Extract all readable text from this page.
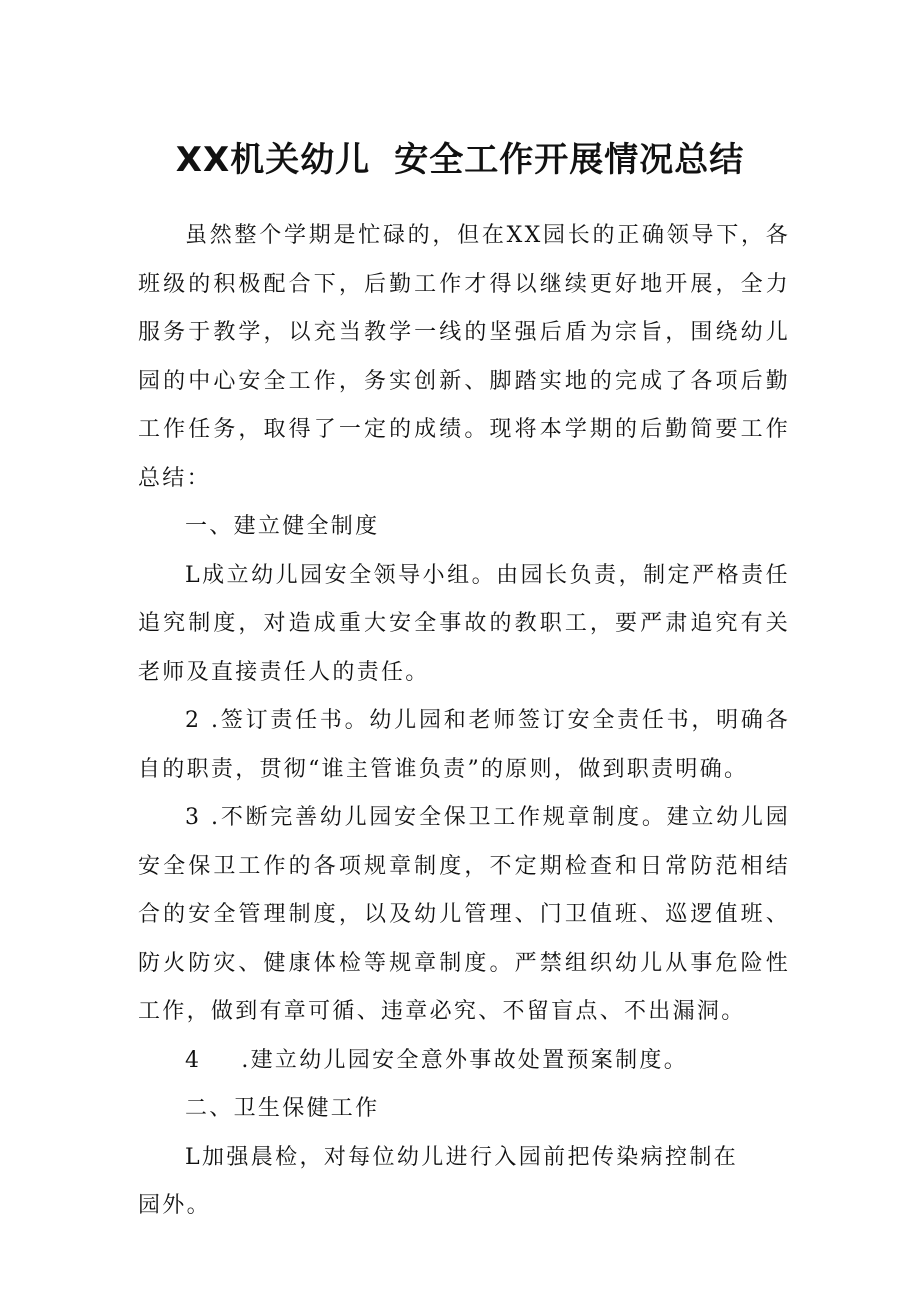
XX机关幼儿 安全工作开展情况总结

虽然整个学期是忙碌的，但在XX园长的正确领导下，各班级的积极配合下，后勤工作才得以继续更好地开展，全力服务于教学，以充当教学一线的坚强后盾为宗旨，围绕幼儿园的中心安全工作，务实创新、脚踏实地的完成了各项后勤工作任务，取得了一定的成绩。现将本学期的后勤简要工作总结：

一、建立健全制度

L成立幼儿园安全领导小组。由园长负责，制定严格责任追究制度，对造成重大安全事故的教职工，要严肃追究有关老师及直接责任人的责任。

2 .签订责任书。幼儿园和老师签订安全责任书，明确各自的职责，贯彻“谁主管谁负责”的原则，做到职责明确。

3 .不断完善幼儿园安全保卫工作规章制度。建立幼儿园安全保卫工作的各项规章制度，不定期检查和日常防范相结合的安全管理制度，以及幼儿管理、门卫值班、巡逻值班、防火防灾、健康体检等规章制度。严禁组织幼儿从事危险性工作，做到有章可循、违章必究、不留盲点、不出漏洞。

4 .建立幼儿园安全意外事故处置预案制度。

二、卫生保健工作

L加强晨检，对每位幼儿进行入园前把传染病控制在园外。
